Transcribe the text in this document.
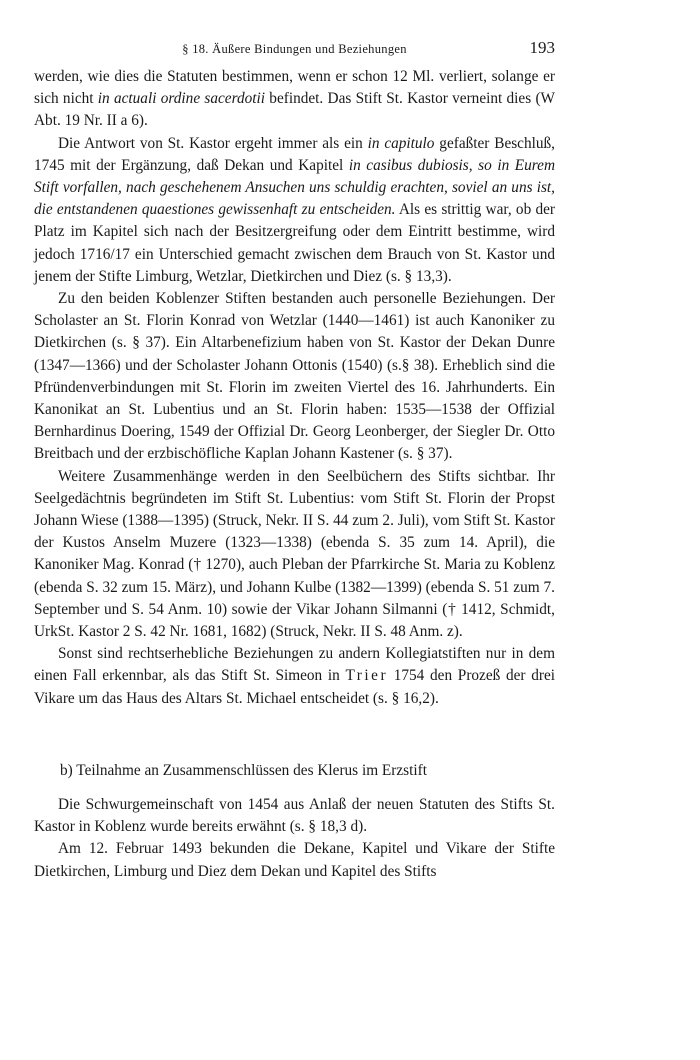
§ 18. Äußere Bindungen und Beziehungen	193

werden, wie dies die Statuten bestimmen, wenn er schon 12 Ml. verliert, solange er sich nicht in actuali ordine sacerdotii befindet. Das Stift St. Kastor verneint dies (W Abt. 19 Nr. II a 6).

Die Antwort von St. Kastor ergeht immer als ein in capitulo gefaßter Beschluß, 1745 mit der Ergänzung, daß Dekan und Kapitel in casibus dubiosis, so in Eurem Stift vorfallen, nach geschehenem Ansuchen uns schuldig erachten, soviel an uns ist, die entstandenen quaestiones gewissenhaft zu entscheiden. Als es strittig war, ob der Platz im Kapitel sich nach der Besitzergreifung oder dem Eintritt bestimme, wird jedoch 1716/17 ein Unterschied gemacht zwischen dem Brauch von St. Kastor und jenem der Stifte Limburg, Wetzlar, Dietkirchen und Diez (s. § 13,3).

Zu den beiden Koblenzer Stiften bestanden auch personelle Beziehungen. Der Scholaster an St. Florin Konrad von Wetzlar (1440—1461) ist auch Kanoniker zu Dietkirchen (s. § 37). Ein Altarbenefizium haben von St. Kastor der Dekan Dunre (1347—1366) und der Scholaster Johann Ottonis (1540) (s.§ 38). Erheblich sind die Pfründenverbindungen mit St. Florin im zweiten Viertel des 16. Jahrhunderts. Ein Kanonikat an St. Lubentius und an St. Florin haben: 1535—1538 der Offizial Bernhardinus Doering, 1549 der Offizial Dr. Georg Leonberger, der Siegler Dr. Otto Breitbach und der erzbischöfliche Kaplan Johann Kastener (s. § 37).

Weitere Zusammenhänge werden in den Seelbüchern des Stifts sichtbar. Ihr Seelgedächtnis begründeten im Stift St. Lubentius: vom Stift St. Florin der Propst Johann Wiese (1388—1395) (Struck, Nekr. II S. 44 zum 2. Juli), vom Stift St. Kastor der Kustos Anselm Muzere (1323—1338) (ebenda S. 35 zum 14. April), die Kanoniker Mag. Konrad († 1270), auch Pleban der Pfarrkirche St. Maria zu Koblenz (ebenda S. 32 zum 15. März), und Johann Kulbe (1382—1399) (ebenda S. 51 zum 7. September und S. 54 Anm. 10) sowie der Vikar Johann Silmanni († 1412, Schmidt, UrkSt. Kastor 2 S. 42 Nr. 1681, 1682) (Struck, Nekr. II S. 48 Anm. z).

Sonst sind rechtserhebliche Beziehungen zu andern Kollegiatstiften nur in dem einen Fall erkennbar, als das Stift St. Simeon in Trier 1754 den Prozeß der drei Vikare um das Haus des Altars St. Michael entscheidet (s. § 16,2).

b) Teilnahme an Zusammenschlüssen des Klerus im Erzstift

Die Schwurgemeinschaft von 1454 aus Anlaß der neuen Statuten des Stifts St. Kastor in Koblenz wurde bereits erwähnt (s. § 18,3 d).

Am 12. Februar 1493 bekunden die Dekane, Kapitel und Vikare der Stifte Dietkirchen, Limburg und Diez dem Dekan und Kapitel des Stifts
